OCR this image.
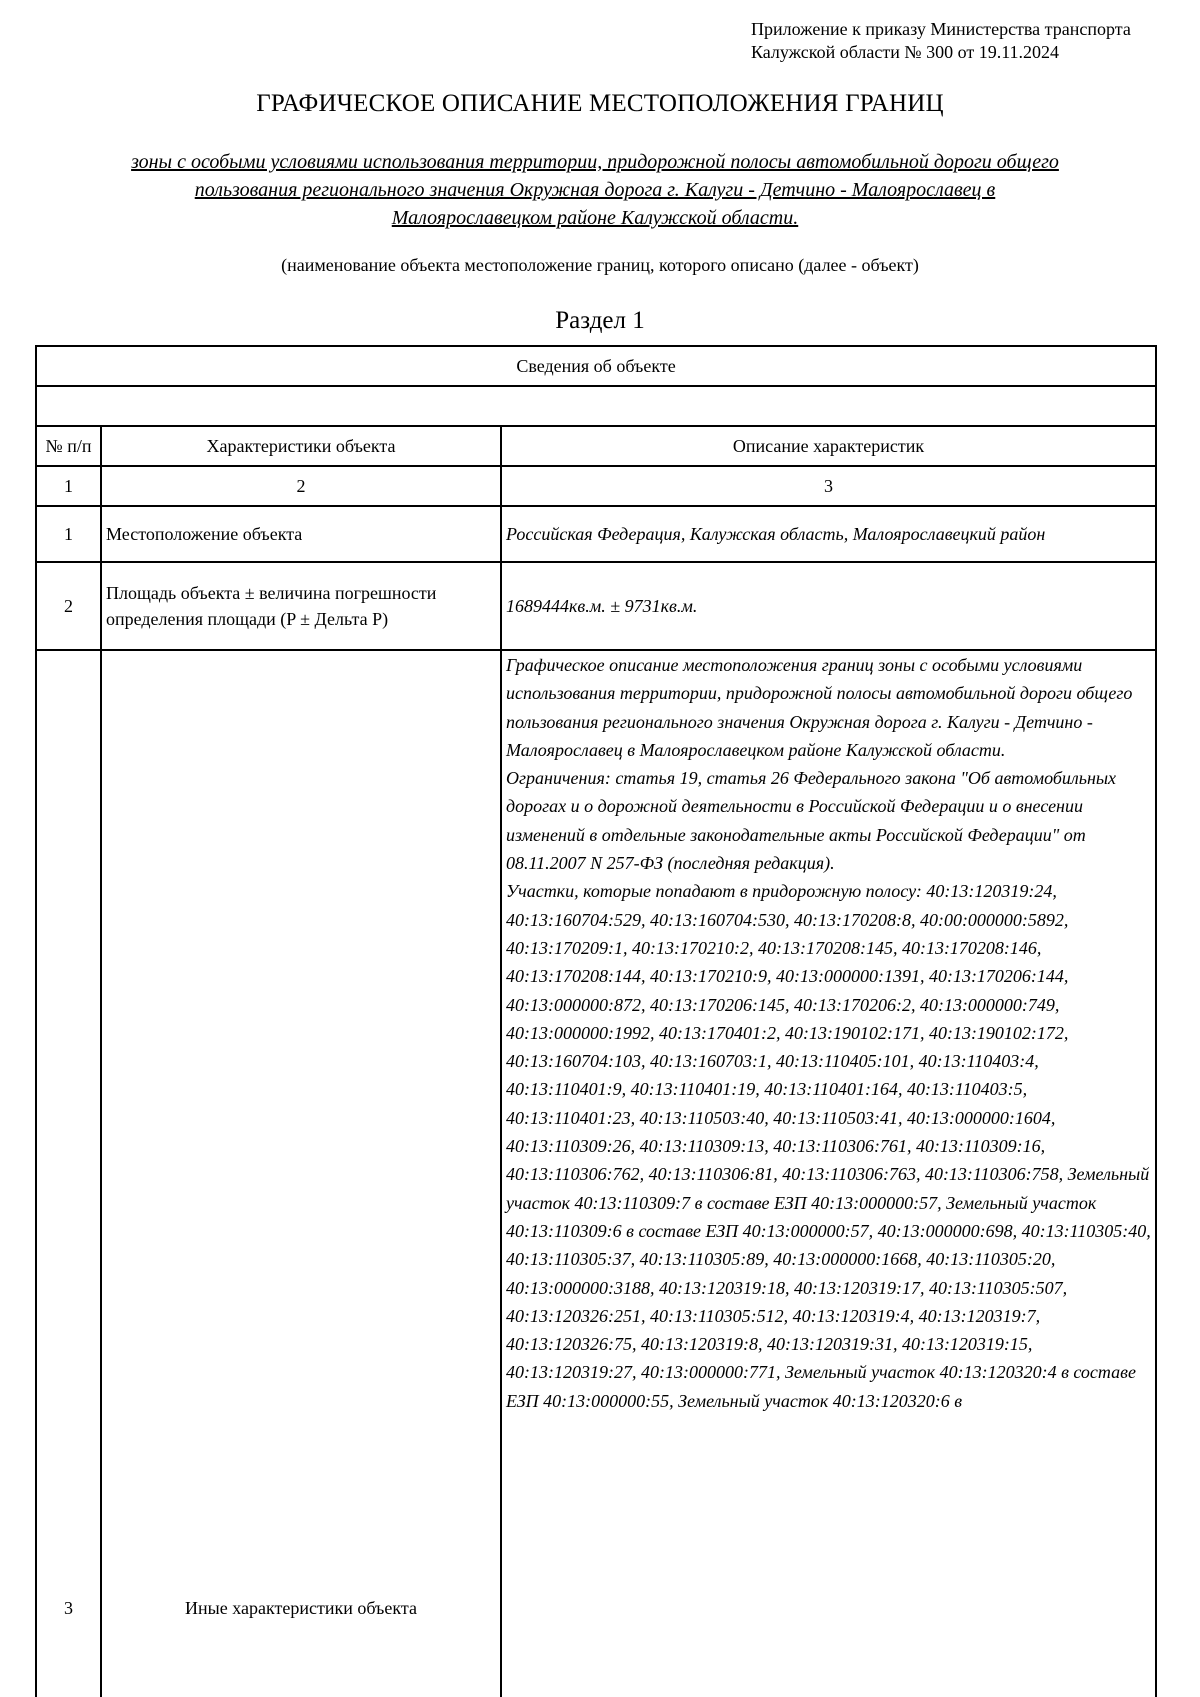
Приложение к приказу Министерства транспорта
Калужской области № 300 от 19.11.2024
ГРАФИЧЕСКОЕ ОПИСАНИЕ МЕСТОПОЛОЖЕНИЯ ГРАНИЦ
зоны с особыми условиями использования территории, придорожной полосы автомобильной дороги общего
пользования регионального значения Окружная дорога г. Калуги - Детчино - Малоярославец в
Малоярославецком районе Калужской области.
(наименование объекта местоположение границ, которого описано (далее - объект)
Раздел 1
Сведения об объекте		

№ п/п	Характеристики объекта	Описание характеристик
1	2	3
1	Местоположение объекта	Российская Федерация, Калужская область, Малоярославецкий район
2	Площадь объекта ± величина погрешности определения площади (P ± Дельта P)	1689444кв.м. ± 9731кв.м.
3	Иные характеристики объекта	Графическое описание местоположения границ зоны с особыми условиями использования территории, придорожной полосы автомобильной дороги общего пользования регионального значения Окружная дорога г. Калуги - Детчино - Малоярославец в Малоярославецком районе Калужской области.
Ограничения: статья 19, статья 26 Федерального закона "Об автомобильных дорогах и о дорожной деятельности в Российской Федерации и о внесении изменений в отдельные законодательные акты Российской Федерации" от 08.11.2007 N 257-ФЗ (последняя редакция).
Участки, которые попадают в придорожную полосу: 40:13:120319:24, 40:13:160704:529, 40:13:160704:530, 40:13:170208:8, 40:00:000000:5892, 40:13:170209:1, 40:13:170210:2, 40:13:170208:145, 40:13:170208:146, 40:13:170208:144, 40:13:170210:9, 40:13:000000:1391, 40:13:170206:144, 40:13:000000:872, 40:13:170206:145, 40:13:170206:2, 40:13:000000:749, 40:13:000000:1992, 40:13:170401:2, 40:13:190102:171, 40:13:190102:172, 40:13:160704:103, 40:13:160703:1, 40:13:110405:101, 40:13:110403:4, 40:13:110401:9, 40:13:110401:19, 40:13:110401:164, 40:13:110403:5, 40:13:110401:23, 40:13:110503:40, 40:13:110503:41, 40:13:000000:1604, 40:13:110309:26, 40:13:110309:13, 40:13:110306:761, 40:13:110309:16, 40:13:110306:762, 40:13:110306:81, 40:13:110306:763, 40:13:110306:758, Земельный участок 40:13:110309:7 в составе ЕЗП 40:13:000000:57, Земельный участок 40:13:110309:6 в составе ЕЗП 40:13:000000:57, 40:13:000000:698, 40:13:110305:40, 40:13:110305:37, 40:13:110305:89, 40:13:000000:1668, 40:13:110305:20, 40:13:000000:3188, 40:13:120319:18, 40:13:120319:17, 40:13:110305:507, 40:13:120326:251, 40:13:110305:512, 40:13:120319:4, 40:13:120319:7, 40:13:120326:75, 40:13:120319:8, 40:13:120319:31, 40:13:120319:15, 40:13:120319:27, 40:13:000000:771, Земельный участок 40:13:120320:4 в составе ЕЗП 40:13:000000:55, Земельный участок 40:13:120320:6 в
